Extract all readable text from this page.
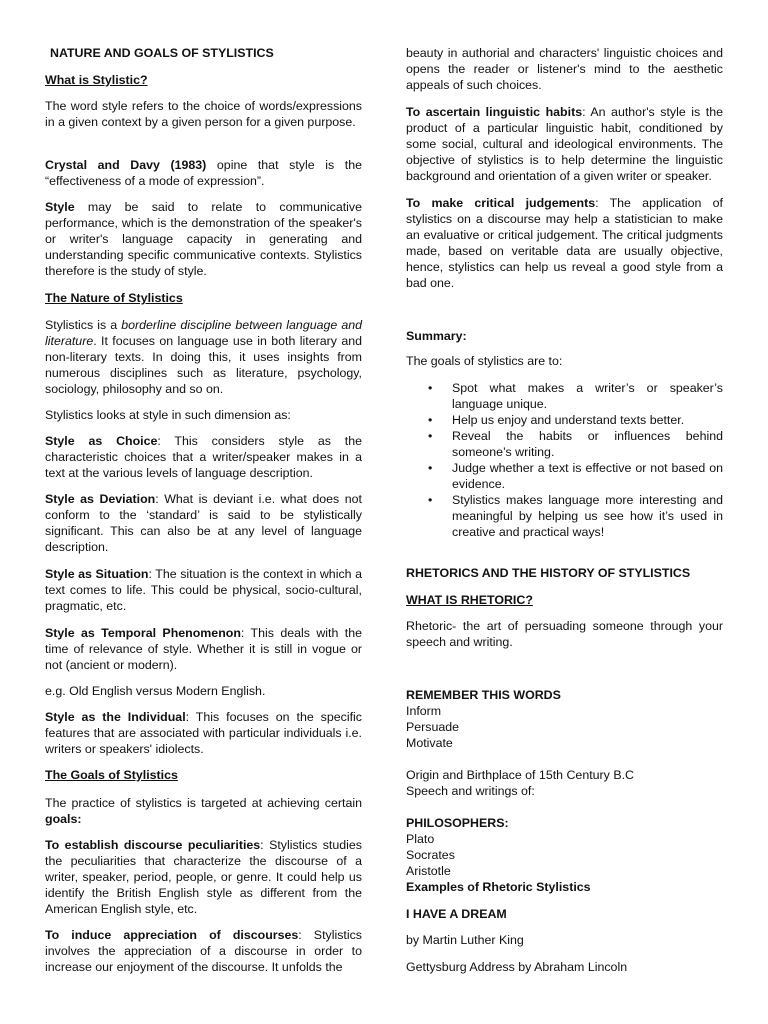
NATURE AND GOALS OF STYLISTICS

What is Stylistic?

The word style refers to the choice of words/expressions in a given context by a given person for a given purpose.

Crystal and Davy (1983) opine that style is the “effectiveness of a mode of expression”.

Style may be said to relate to communicative performance, which is the demonstration of the speaker's or writer's language capacity in generating and understanding specific communicative contexts. Stylistics therefore is the study of style.

The Nature of Stylistics

Stylistics is a borderline discipline between language and literature. It focuses on language use in both literary and non-literary texts. In doing this, it uses insights from numerous disciplines such as literature, psychology, sociology, philosophy and so on.

Stylistics looks at style in such dimension as:

Style as Choice: This considers style as the characteristic choices that a writer/speaker makes in a text at the various levels of language description.

Style as Deviation: What is deviant i.e. what does not conform to the ‘standard’ is said to be stylistically significant. This can also be at any level of language description.

Style as Situation: The situation is the context in which a text comes to life. This could be physical, socio-cultural, pragmatic, etc.

Style as Temporal Phenomenon: This deals with the time of relevance of style. Whether it is still in vogue or not (ancient or modern).

e.g. Old English versus Modern English.

Style as the Individual: This focuses on the specific features that are associated with particular individuals i.e. writers or speakers' idiolects.

The Goals of Stylistics

The practice of stylistics is targeted at achieving certain goals:

To establish discourse peculiarities: Stylistics studies the peculiarities that characterize the discourse of a writer, speaker, period, people, or genre. It could help us identify the British English style as different from the American English style, etc.

To induce appreciation of discourses: Stylistics involves the appreciation of a discourse in order to increase our enjoyment of the discourse. It unfolds the

beauty in authorial and characters' linguistic choices and opens the reader or listener's mind to the aesthetic appeals of such choices.

To ascertain linguistic habits: An author's style is the product of a particular linguistic habit, conditioned by some social, cultural and ideological environments. The objective of stylistics is to help determine the linguistic background and orientation of a given writer or speaker.

To make critical judgements: The application of stylistics on a discourse may help a statistician to make an evaluative or critical judgement. The critical judgments made, based on veritable data are usually objective, hence, stylistics can help us reveal a good style from a bad one.

Summary:

The goals of stylistics are to:

• Spot what makes a writer’s or speaker’s language unique.
• Help us enjoy and understand texts better.
• Reveal the habits or influences behind someone’s writing.
• Judge whether a text is effective or not based on evidence.
• Stylistics makes language more interesting and meaningful by helping us see how it’s used in creative and practical ways!

RHETORICS AND THE HISTORY OF STYLISTICS

WHAT IS RHETORIC?

Rhetoric- the art of persuading someone through your speech and writing.

REMEMBER THIS WORDS
Inform
Persuade
Motivate
Origin and Birthplace of 15th Century B.C
Speech and writings of:
PHILOSOPHERS:
Plato
Socrates
Aristotle
Examples of Rhetoric Stylistics

I HAVE A DREAM

by Martin Luther King

Gettysburg Address by Abraham Lincoln
